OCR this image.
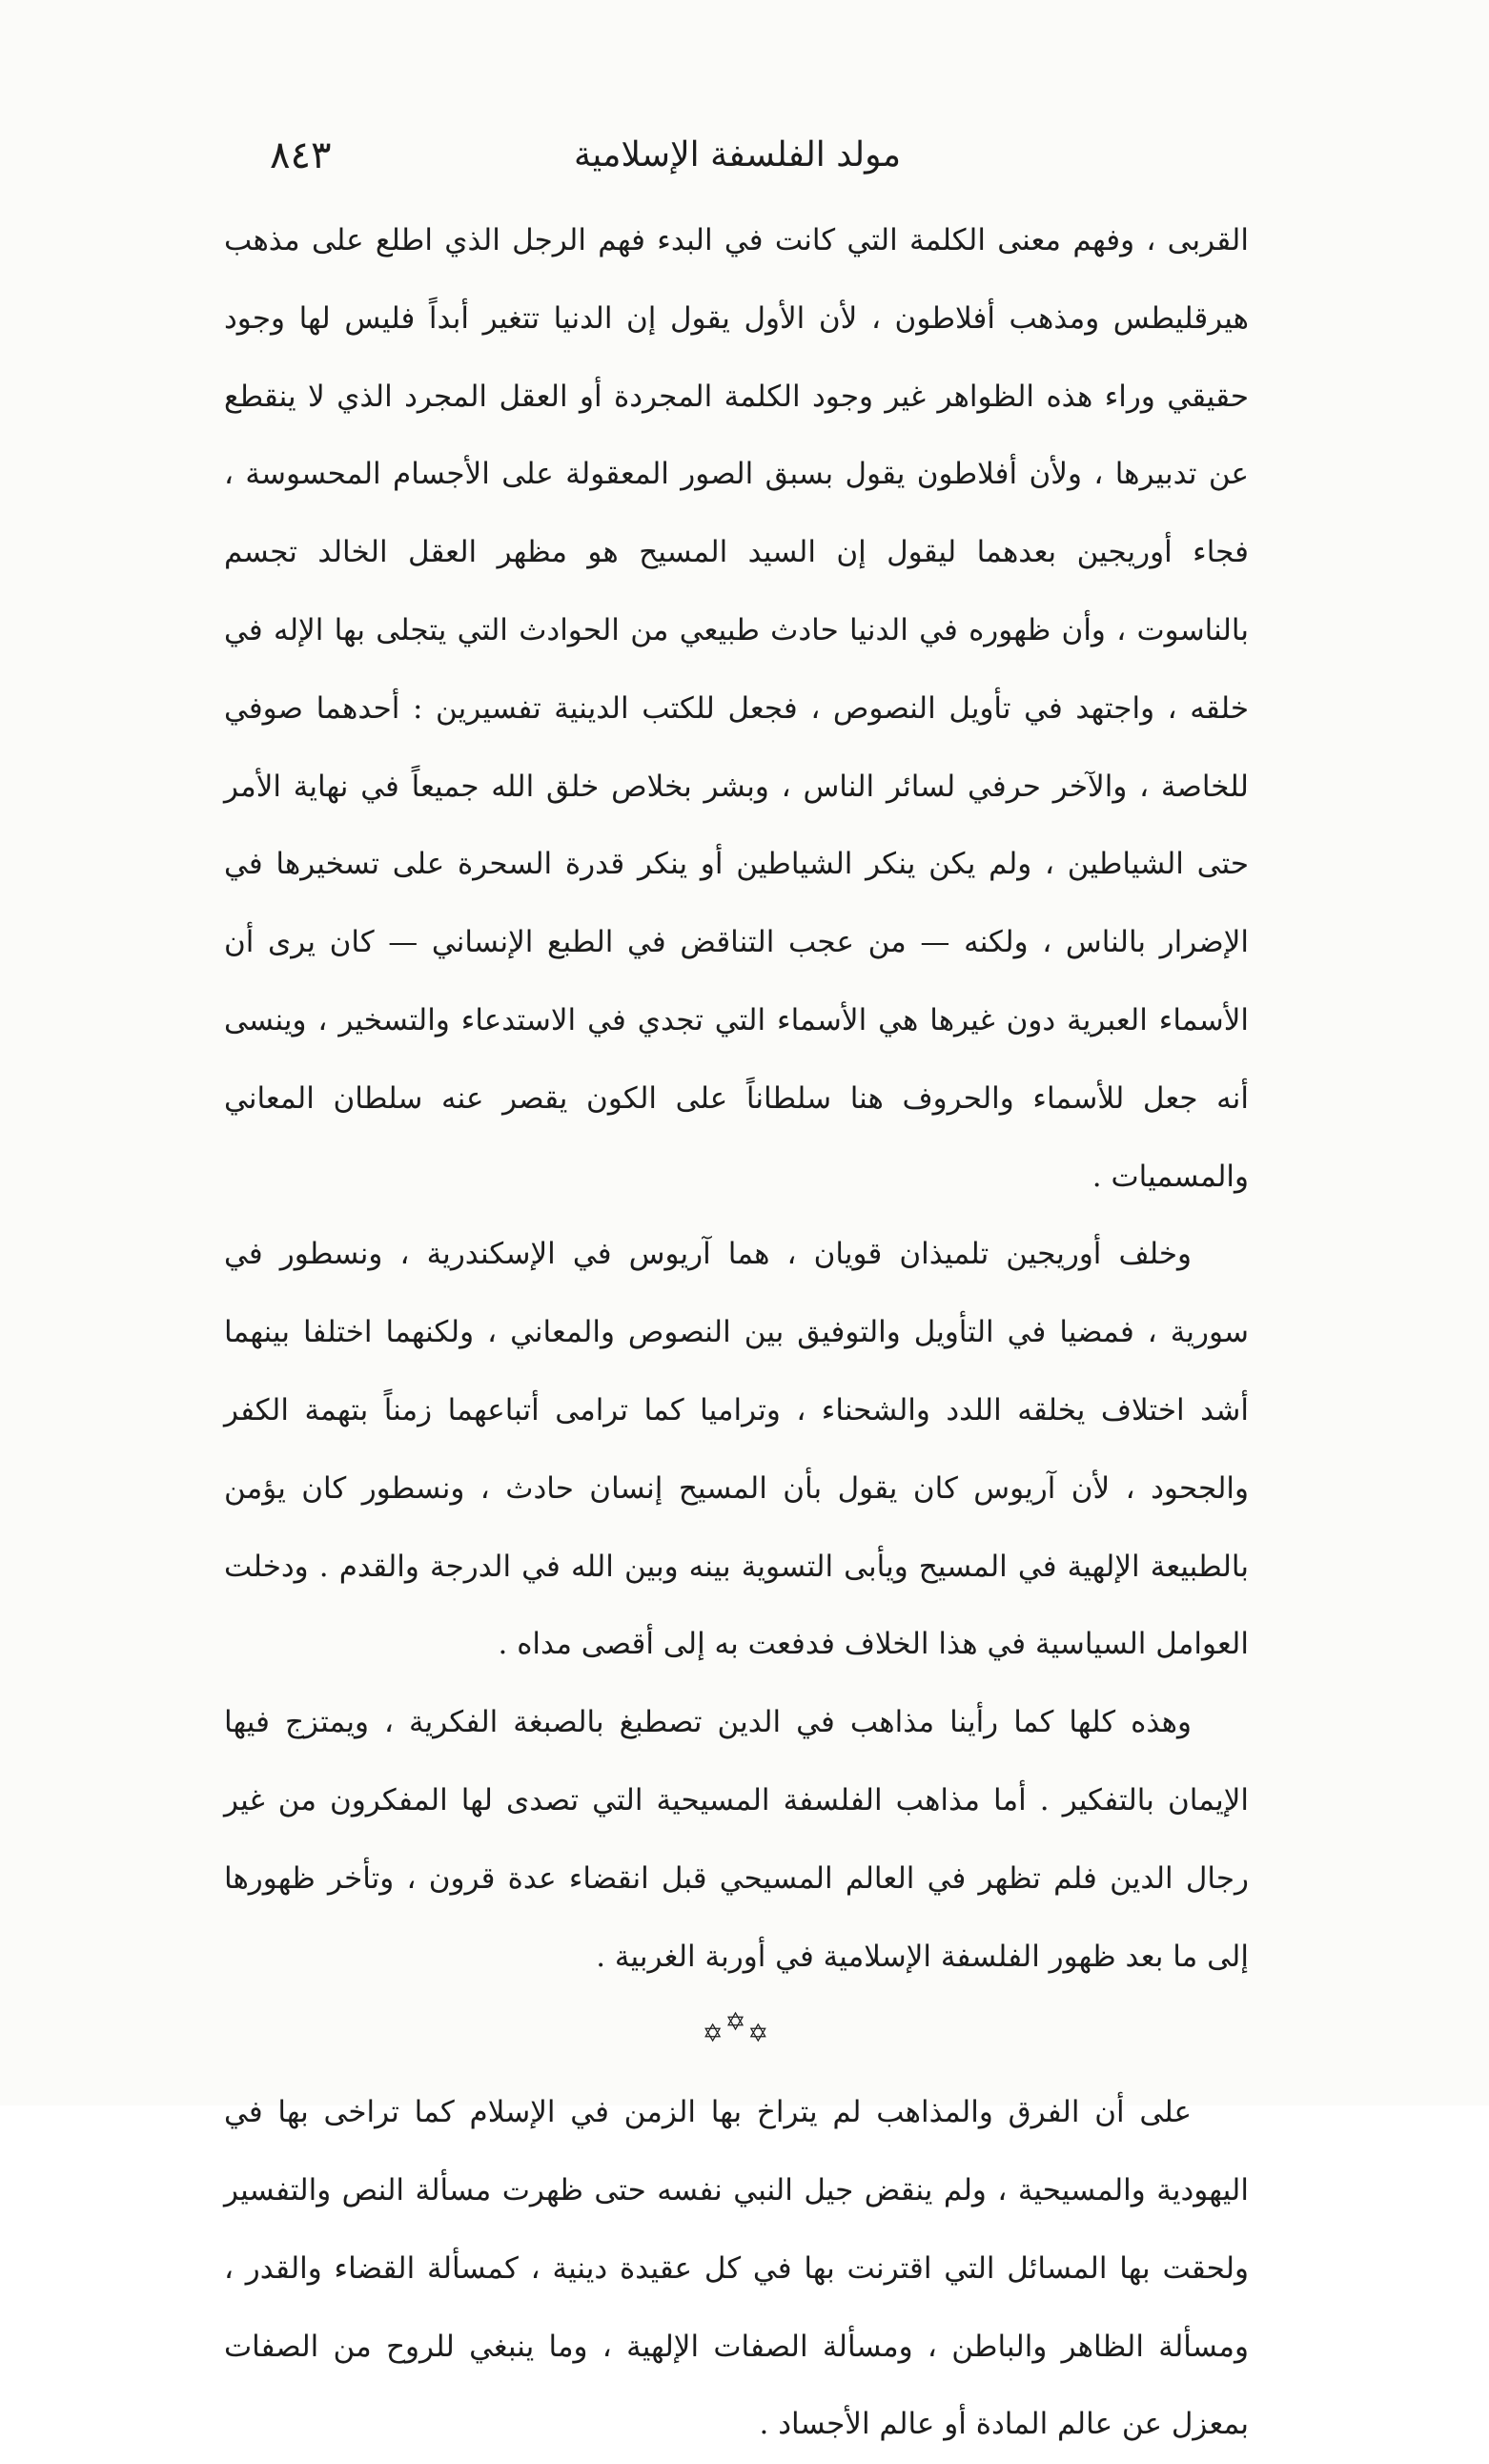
مولد الفلسفة الإسلامية
٨٤٣

القربى ، وفهم معنى الكلمة التي كانت في البدء فهم الرجل الذي اطلع على مذهب هيرقليطس ومذهب أفلاطون ، لأن الأول يقول إن الدنيا تتغير أبداً فليس لها وجود حقيقي وراء هذه الظواهر غير وجود الكلمة المجردة أو العقل المجرد الذي لا ينقطع عن تدبيرها ، ولأن أفلاطون يقول بسبق الصور المعقولة على الأجسام المحسوسة ، فجاء أوريجين بعدهما ليقول إن السيد المسيح هو مظهر العقل الخالد تجسم بالناسوت ، وأن ظهوره في الدنيا حادث طبيعي من الحوادث التي يتجلى بها الإله في خلقه ، واجتهد في تأويل النصوص ، فجعل للكتب الدينية تفسيرين : أحدهما صوفي للخاصة ، والآخر حرفي لسائر الناس ، وبشر بخلاص خلق الله جميعاً في نهاية الأمر حتى الشياطين ، ولم يكن ينكر الشياطين أو ينكر قدرة السحرة على تسخيرها في الإضرار بالناس ، ولكنه — من عجب التناقض في الطبع الإنساني — كان يرى أن الأسماء العبرية دون غيرها هي الأسماء التي تجدي في الاستدعاء والتسخير ، وينسى أنه جعل للأسماء والحروف هنا سلطاناً على الكون يقصر عنه سلطان المعاني والمسميات .

وخلف أوريجين تلميذان قويان ، هما آريوس في الإسكندرية ، ونسطور في سورية ، فمضيا في التأويل والتوفيق بين النصوص والمعاني ، ولكنهما اختلفا بينهما أشد اختلاف يخلقه اللدد والشحناء ، وترامیا کما ترامى أتباعهما زمناً بتهمة الكفر والجحود ، لأن آريوس كان يقول بأن المسيح إنسان حادث ، ونسطور كان يؤمن بالطبيعة الإلهية في المسيح ويأبى التسوية بينه وبين الله في الدرجة والقدم . ودخلت العوامل السياسية في هذا الخلاف فدفعت به إلى أقصى مداه .

وهذه كلها كما رأينا مذاهب في الدين تصطبغ بالصبغة الفكرية ، ويمتزج فيها الإيمان بالتفكير . أما مذاهب الفلسفة المسيحية التي تصدى لها المفكرون من غير رجال الدين فلم تظهر في العالم المسيحي قبل انقضاء عدة قرون ، وتأخر ظهورها إلى ما بعد ظهور الفلسفة الإسلامية في أوربة الغربية .

✡✡✡

على أن الفرق والمذاهب لم يتراخ بها الزمن في الإسلام كما تراخى بها في اليهودية والمسيحية ، ولم ينقض جيل النبي نفسه حتى ظهرت مسألة النص والتفسير ولحقت بها المسائل التي اقترنت بها في كل عقيدة دينية ، كمسألة القضاء والقدر ، ومسألة الظاهر والباطن ، ومسألة الصفات الإلهية ، وما ينبغي للروح من الصفات بمعزل عن عالم المادة أو عالم الأجساد .
